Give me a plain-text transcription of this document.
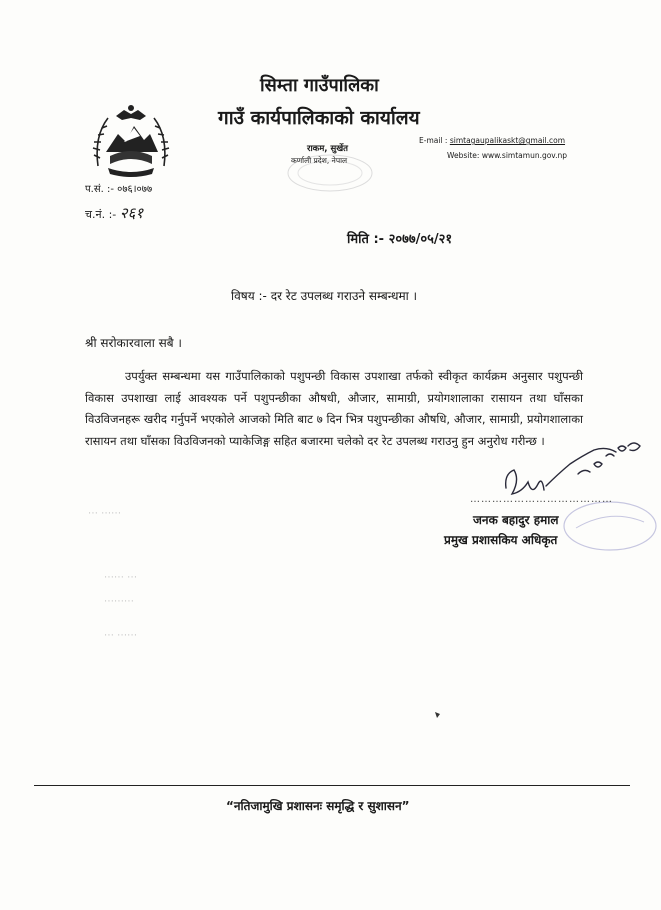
सिम्ता गाउँपालिका
गाउँ कार्यपालिकाको कार्यालय
राकम, सुर्खेत
कर्णाली प्रदेश, नेपाल
E-mail : simtagaupalikaskt@gmail.com
Website: www.simtamun.gov.np
प.सं. :- ०७६।०७७
च.नं. :- २६१
मिति :- २०७७/०५/२१
विषय :- दर रेट उपलब्ध गराउने सम्बन्धमा ।
श्री सरोकारवाला सबै ।
उपर्युक्त सम्बन्धमा यस गाउँपालिकाको पशुपन्छी विकास उपशाखा तर्फको स्वीकृत कार्यक्रम अनुसार पशुपन्छी विकास उपशाखा लाई आवश्यक पर्ने पशुपन्छीका औषधी, औजार, सामाग्री, प्रयोगशालाका रासायन तथा घाँसका विउविजनहरू खरीद गर्नुपर्ने भएकोले आजको मिति बाट ७ दिन भित्र पशुपन्छीका औषधि, औजार, सामाग्री, प्रयोगशालाका रासायन तथा घाँसका विउविजनको प्याकेजिङ्ग सहित बजारमा चलेको दर रेट उपलब्ध गराउनु हुन अनुरोध गरीन्छ ।
⋯ ⋯⋯
⋯⋯ ⋯
⋯⋯⋯
⋯ ⋯⋯
…………………………………
जनक बहादुर हमाल
प्रमुख प्रशासकिय अधिकृत
“नतिजामुखि प्रशासनः समृद्धि र सुशासन”
